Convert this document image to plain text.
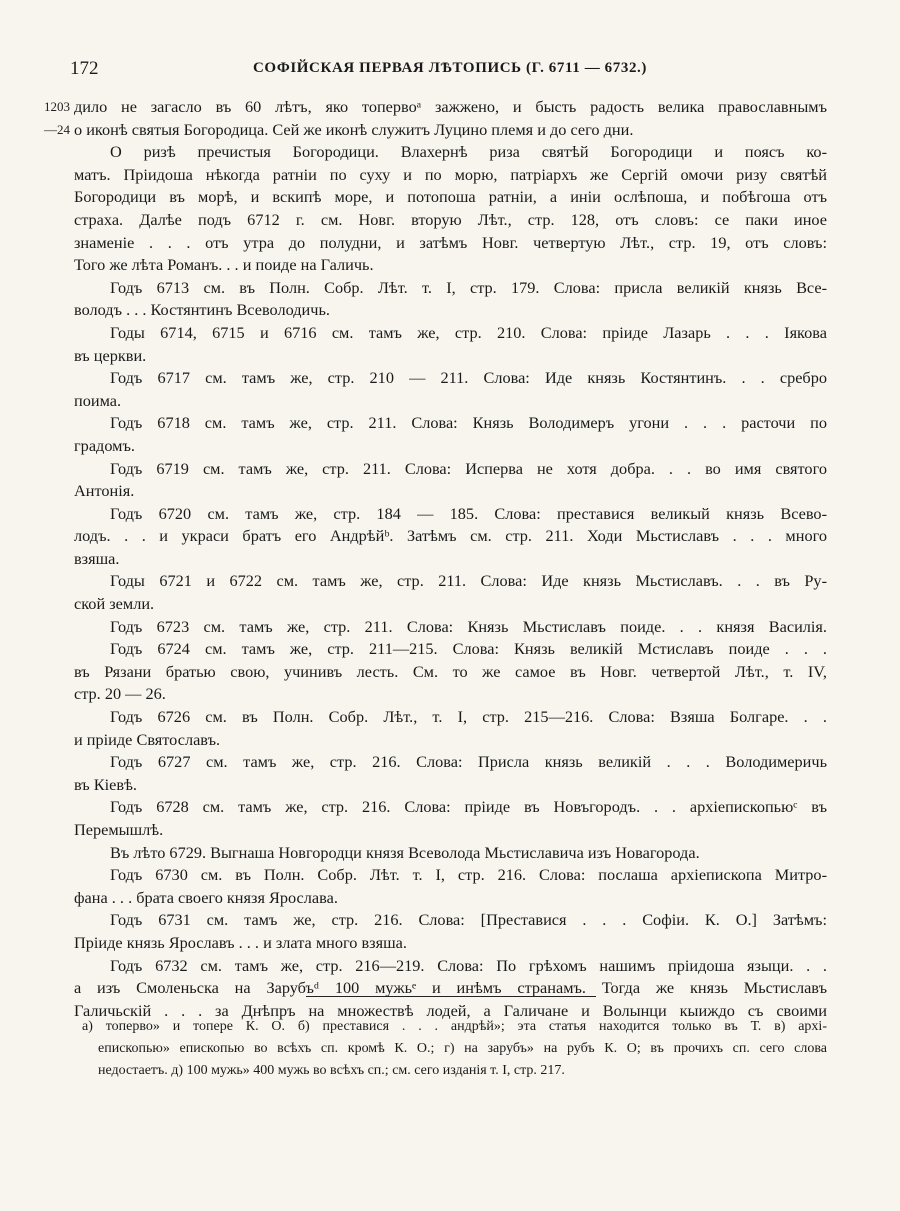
172	СОФІЙСКАЯ ПЕРВАЯ ЛѢТОПИСЬ (Г. 6711 — 6732.)
1203
—24
дило не загасло въ 60 лѣтъ, яко топервоᵃ зажжено, и бысть радость велика православнымъ
о иконѣ святыя Богородица. Сей же иконѣ служитъ Луцино племя и до сего дни.
О ризѣ пречистыя Богородици. Влахернѣ риза святѣй Богородици и поясъ ко-
матъ. Пріидоша нѣкогда ратніи по суху и по морю, патріархъ же Сергій омочи ризу святѣй
Богородици въ морѣ, и вскипѣ море, и потопоша ратніи, а иніи ослѣпоша, и побѣгоша отъ
страха. Далѣе подъ 6712 г. см. Новг. вторую Лѣт., стр. 128, отъ словъ: се паки иное
знаменіе . . . отъ утра до полудни, и затѣмъ Новг. четвертую Лѣт., стр. 19, отъ словъ:
Того же лѣта Романъ. . . и поиде на Галичь.
Годъ 6713 см. въ Полн. Собр. Лѣт. т. I, стр. 179. Слова: присла великій князь Все-
володъ . . . Костянтинъ Всеволодичь.
Годы 6714, 6715 и 6716 см. тамъ же, стр. 210. Слова: пріиде Лазарь . . . Іякова
въ церкви.
Годъ 6717 см. тамъ же, стр. 210 — 211. Слова: Иде князь Костянтинъ. . . сребро
поима.
Годъ 6718 см. тамъ же, стр. 211. Слова: Князь Володимеръ угони . . . расточи по
градомъ.
Годъ 6719 см. тамъ же, стр. 211. Слова: Исперва не хотя добра. . . во имя святого
Антонія.
Годъ 6720 см. тамъ же, стр. 184 — 185. Слова: преставися великый князь Всево-
лодъ. . . и украси братъ его Андрѣйᵇ. Затѣмъ см. стр. 211. Ходи Мьстиславъ . . . много
взяша.
Годы 6721 и 6722 см. тамъ же, стр. 211. Слова: Иде князь Мьстиславъ. . . въ Ру-
ской земли.
Годъ 6723 см. тамъ же, стр. 211. Слова: Князь Мьстиславъ поиде. . . князя Василія.
Годъ 6724 см. тамъ же, стр. 211—215. Слова: Князь великій Мстиславъ поиде . . .
въ Рязани братью свою, учинивъ лесть. См. то же самое въ Новг. четвертой Лѣт., т. IV,
стр. 20 — 26.
Годъ 6726 см. въ Полн. Собр. Лѣт., т. I, стр. 215—216. Слова: Взяша Болгаре. . .
и пріиде Святославъ.
Годъ 6727 см. тамъ же, стр. 216. Слова: Присла князь великій . . . Володимеричь
въ Кіевѣ.
Годъ 6728 см. тамъ же, стр. 216. Слова: пріиде въ Новъгородъ. . . архіепископьюᶜ въ
Перемышлѣ.
Въ лѣто 6729. Выгнаша Новгородци князя Всеволода Мьстиславича изъ Новагорода.
Годъ 6730 см. въ Полн. Собр. Лѣт. т. I, стр. 216. Слова: послаша архіепископа Митро-
фана . . . брата своего князя Ярослава.
Годъ 6731 см. тамъ же, стр. 216. Слова: [Преставися . . . Софіи. К. О.] Затѣмъ:
Пріиде князь Ярославъ . . . и злата много взяша.
Годъ 6732 см. тамъ же, стр. 216—219. Слова: По грѣхомъ нашимъ пріидоша языци. . .
а изъ Смоленьска на Зарубъᵈ 100 мужьᵉ и инѣмъ странамъ. Тогда же князь Мьстиславъ
Галичьскій . . . за Днѣпръ на множествѣ лодей, а Галичане и Волынци кыиждо съ своими
а) топерво» и топере К. О. б) преставися . . . андрѣй»; эта статья находится только въ Т. в) архі-
епископью» епископью во всѣхъ сп. кромѣ К. О.; г) на зарубъ» на рубъ К. О; въ прочихъ сп. сего слова
недостаетъ. д) 100 мужь» 400 мужь во всѣхъ сп.; см. сего изданія т. I, стр. 217.
